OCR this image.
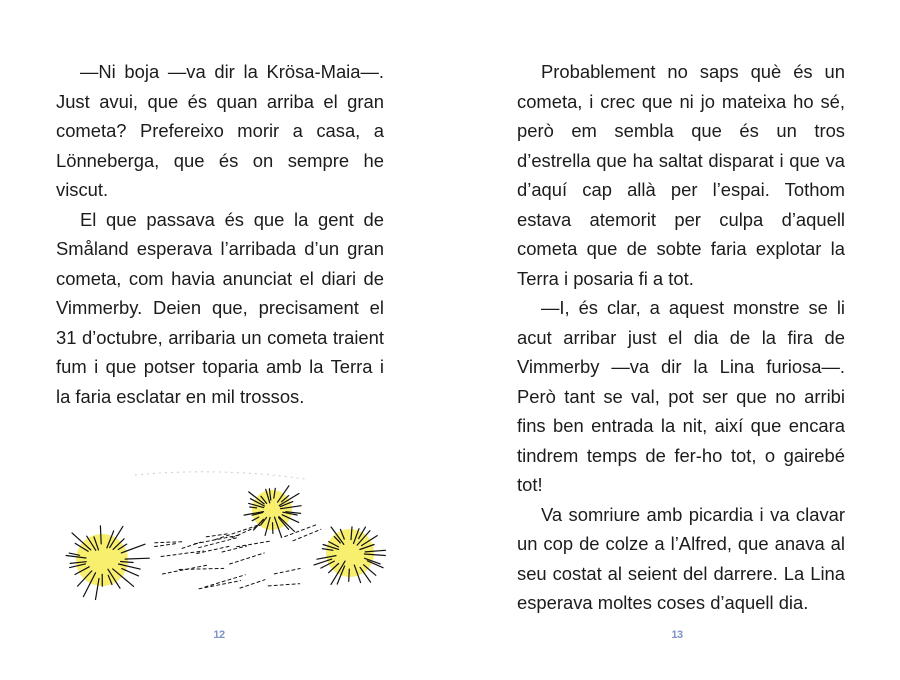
—Ni boja —va dir la Krösa-Maia—. Just avui, que és quan arriba el gran cometa? Prefereixo morir a casa, a Lönneberga, que és on sempre he viscut.

El que passava és que la gent de Småland esperava l’arribada d’un gran cometa, com havia anunciat el diari de Vimmerby. Deien que, precisament el 31 d’octubre, arribaria un cometa traient fum i que potser toparia amb la Terra i la faria esclatar en mil trossos.

12

Probablement no saps què és un cometa, i crec que ni jo mateixa ho sé, però em sembla que és un tros d’estrella que ha saltat disparat i que va d’aquí cap allà per l’espai. Tothom estava atemorit per culpa d’aquell cometa que de sobte faria explotar la Terra i posaria fi a tot.

—I, és clar, a aquest monstre se li acut arribar just el dia de la fira de Vimmerby —va dir la Lina furiosa—. Però tant se val, pot ser que no arribi fins ben entrada la nit, així que encara tindrem temps de fer-ho tot, o gairebé tot!

Va somriure amb picardia i va clavar un cop de colze a l’Alfred, que anava al seu costat al seient del darrere. La Lina esperava moltes coses d’aquell dia.

13
